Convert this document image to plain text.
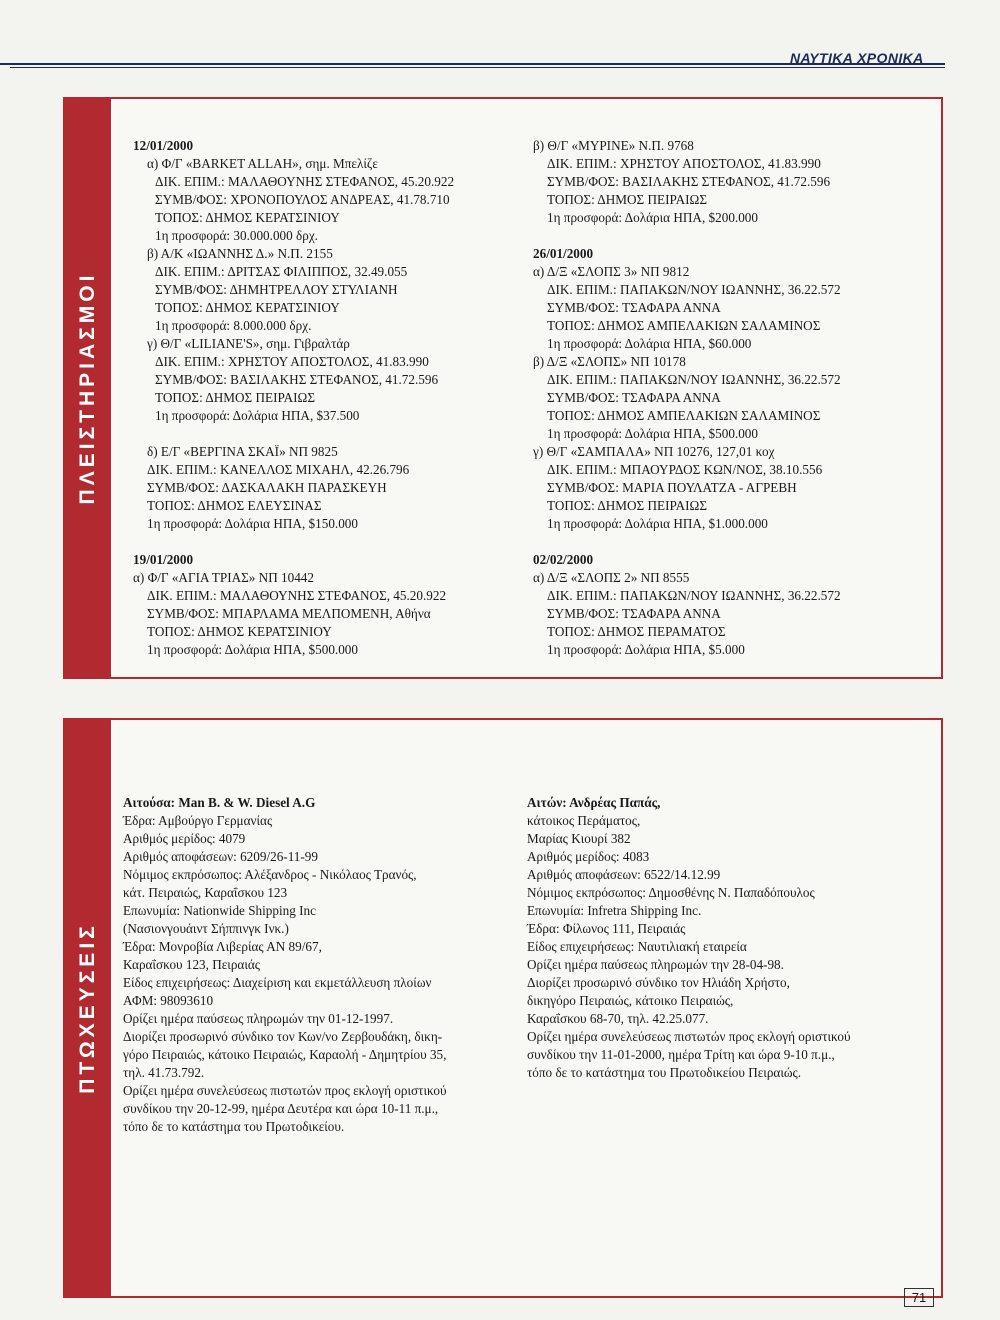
ΝΑΥΤΙΚΑ ΧΡΟΝΙΚΑ
ΠΛΕΙΣΤΗΡΙΑΣΜΟΙ
12/01/2000
α) Φ/Γ «BARKET ALLAH», σημ. Μπελίζε
ΔΙΚ. ΕΠΙΜ.: ΜΑΛΑΘΟΥΝΗΣ ΣΤΕΦΑΝΟΣ, 45.20.922
ΣΥΜΒ/ΦΟΣ: ΧΡΟΝΟΠΟΥΛΟΣ ΑΝΔΡΕΑΣ, 41.78.710
ΤΟΠΟΣ: ΔΗΜΟΣ ΚΕΡΑΤΣΙΝΙΟΥ
1η προσφορά: 30.000.000 δρχ.
β) Α/Κ «ΙΩΑΝΝΗΣ Δ.» Ν.Π. 2155
ΔΙΚ. ΕΠΙΜ.: ΔΡΙΤΣΑΣ ΦΙΛΙΠΠΟΣ, 32.49.055
ΣΥΜΒ/ΦΟΣ: ΔΗΜΗΤΡΕΛΛΟΥ ΣΤΥΛΙΑΝΗ
ΤΟΠΟΣ: ΔΗΜΟΣ ΚΕΡΑΤΣΙΝΙΟΥ
1η προσφορά: 8.000.000 δρχ.
γ) Θ/Γ «LILIANE'S», σημ. Γιβραλτάρ
ΔΙΚ. ΕΠΙΜ.: ΧΡΗΣΤΟΥ ΑΠΟΣΤΟΛΟΣ, 41.83.990
ΣΥΜΒ/ΦΟΣ: ΒΑΣΙΛΑΚΗΣ ΣΤΕΦΑΝΟΣ, 41.72.596
ΤΟΠΟΣ: ΔΗΜΟΣ ΠΕΙΡΑΙΩΣ
1η προσφορά: Δολάρια ΗΠΑ, $37.500
δ) Ε/Γ «ΒΕΡΓΙΝΑ ΣΚΑΪ» ΝΠ 9825
ΔΙΚ. ΕΠΙΜ.: ΚΑΝΕΛΛΟΣ ΜΙΧΑΗΛ, 42.26.796
ΣΥΜΒ/ΦΟΣ: ΔΑΣΚΑΛΑΚΗ ΠΑΡΑΣΚΕΥΗ
ΤΟΠΟΣ: ΔΗΜΟΣ ΕΛΕΥΣΙΝΑΣ
1η προσφορά: Δολάρια ΗΠΑ, $150.000
19/01/2000
α) Φ/Γ «ΑΓΙΑ ΤΡΙΑΣ» ΝΠ 10442
ΔΙΚ. ΕΠΙΜ.: ΜΑΛΑΘΟΥΝΗΣ ΣΤΕΦΑΝΟΣ, 45.20.922
ΣΥΜΒ/ΦΟΣ: ΜΠΑΡΛΑΜΑ ΜΕΛΠΟΜΕΝΗ, Αθήνα
ΤΟΠΟΣ: ΔΗΜΟΣ ΚΕΡΑΤΣΙΝΙΟΥ
1η προσφορά: Δολάρια ΗΠΑ, $500.000
β) Θ/Γ «ΜΥΡΙΝΕ» Ν.Π. 9768
ΔΙΚ. ΕΠΙΜ.: ΧΡΗΣΤΟΥ ΑΠΟΣΤΟΛΟΣ, 41.83.990
ΣΥΜΒ/ΦΟΣ: ΒΑΣΙΛΑΚΗΣ ΣΤΕΦΑΝΟΣ, 41.72.596
ΤΟΠΟΣ: ΔΗΜΟΣ ΠΕΙΡΑΙΩΣ
1η προσφορά: Δολάρια ΗΠΑ, $200.000
26/01/2000
α) Δ/Ξ «ΣΛΟΠΣ 3» ΝΠ 9812
ΔΙΚ. ΕΠΙΜ.: ΠΑΠΑΚΩΝ/ΝΟΥ ΙΩΑΝΝΗΣ, 36.22.572
ΣΥΜΒ/ΦΟΣ: ΤΣΑΦΑΡΑ ΑΝΝΑ
ΤΟΠΟΣ: ΔΗΜΟΣ ΑΜΠΕΛΑΚΙΩΝ ΣΑΛΑΜΙΝΟΣ
1η προσφορά: Δολάρια ΗΠΑ, $60.000
β) Δ/Ξ «ΣΛΟΠΣ» ΝΠ 10178
ΔΙΚ. ΕΠΙΜ.: ΠΑΠΑΚΩΝ/ΝΟΥ ΙΩΑΝΝΗΣ, 36.22.572
ΣΥΜΒ/ΦΟΣ: ΤΣΑΦΑΡΑ ΑΝΝΑ
ΤΟΠΟΣ: ΔΗΜΟΣ ΑΜΠΕΛΑΚΙΩΝ ΣΑΛΑΜΙΝΟΣ
1η προσφορά: Δολάρια ΗΠΑ, $500.000
γ) Θ/Γ «ΣΑΜΠΑΛΑ» ΝΠ 10276, 127,01 κοχ
ΔΙΚ. ΕΠΙΜ.: ΜΠΑΟΥΡΔΟΣ ΚΩΝ/ΝΟΣ, 38.10.556
ΣΥΜΒ/ΦΟΣ: ΜΑΡΙΑ ΠΟΥΛΑΤΖΑ - ΑΓΡΕΒΗ
ΤΟΠΟΣ: ΔΗΜΟΣ ΠΕΙΡΑΙΩΣ
1η προσφορά: Δολάρια ΗΠΑ, $1.000.000
02/02/2000
α) Δ/Ξ «ΣΛΟΠΣ 2» ΝΠ 8555
ΔΙΚ. ΕΠΙΜ.: ΠΑΠΑΚΩΝ/ΝΟΥ ΙΩΑΝΝΗΣ, 36.22.572
ΣΥΜΒ/ΦΟΣ: ΤΣΑΦΑΡΑ ΑΝΝΑ
ΤΟΠΟΣ: ΔΗΜΟΣ ΠΕΡΑΜΑΤΟΣ
1η προσφορά: Δολάρια ΗΠΑ, $5.000
ΠΤΩΧΕΥΣΕΙΣ
Αιτούσα: Man B. & W. Diesel A.G
Έδρα: Αμβούργο Γερμανίας
Αριθμός μερίδος: 4079
Αριθμός αποφάσεων: 6209/26-11-99
Νόμιμος εκπρόσωπος: Αλέξανδρος - Νικόλαος Τρανός,
κάτ. Πειραιώς, Καραΐσκου 123
Επωνυμία: Nationwide Shipping Inc
(Νασιονγουάιντ Σήππινγκ Ινκ.)
Έδρα: Μονροβία Λιβερίας ΑΝ 89/67,
Καραΐσκου 123, Πειραιάς
Είδος επιχειρήσεως: Διαχείριση και εκμετάλλευση πλοίων
ΑΦΜ: 98093610
Ορίζει ημέρα παύσεως πληρωμών την 01-12-1997.
Διορίζει προσωρινό σύνδικο τον Κων/νο Ζερβουδάκη, δικη-
γόρο Πειραιώς, κάτοικο Πειραιώς, Καραολή - Δημητρίου 35,
τηλ. 41.73.792.
Ορίζει ημέρα συνελεύσεως πιστωτών προς εκλογή οριστικού
συνδίκου την 20-12-99, ημέρα Δευτέρα και ώρα 10-11 π.μ.,
τόπο δε το κατάστημα του Πρωτοδικείου.
Αιτών: Ανδρέας Παπάς,
κάτοικος Περάματος,
Μαρίας Κιουρί 382
Αριθμός μερίδος: 4083
Αριθμός αποφάσεων: 6522/14.12.99
Νόμιμος εκπρόσωπος: Δημοσθένης Ν. Παπαδόπουλος
Επωνυμία: Infretra Shipping Inc.
Έδρα: Φίλωνος 111, Πειραιάς
Είδος επιχειρήσεως: Ναυτιλιακή εταιρεία
Ορίζει ημέρα παύσεως πληρωμών την 28-04-98.
Διορίζει προσωρινό σύνδικο τον Ηλιάδη Χρήστο,
δικηγόρο Πειραιώς, κάτοικο Πειραιώς,
Καραΐσκου 68-70, τηλ. 42.25.077.
Ορίζει ημέρα συνελεύσεως πιστωτών προς εκλογή οριστικού
συνδίκου την 11-01-2000, ημέρα Τρίτη και ώρα 9-10 π.μ.,
τόπο δε το κατάστημα του Πρωτοδικείου Πειραιώς.
71
